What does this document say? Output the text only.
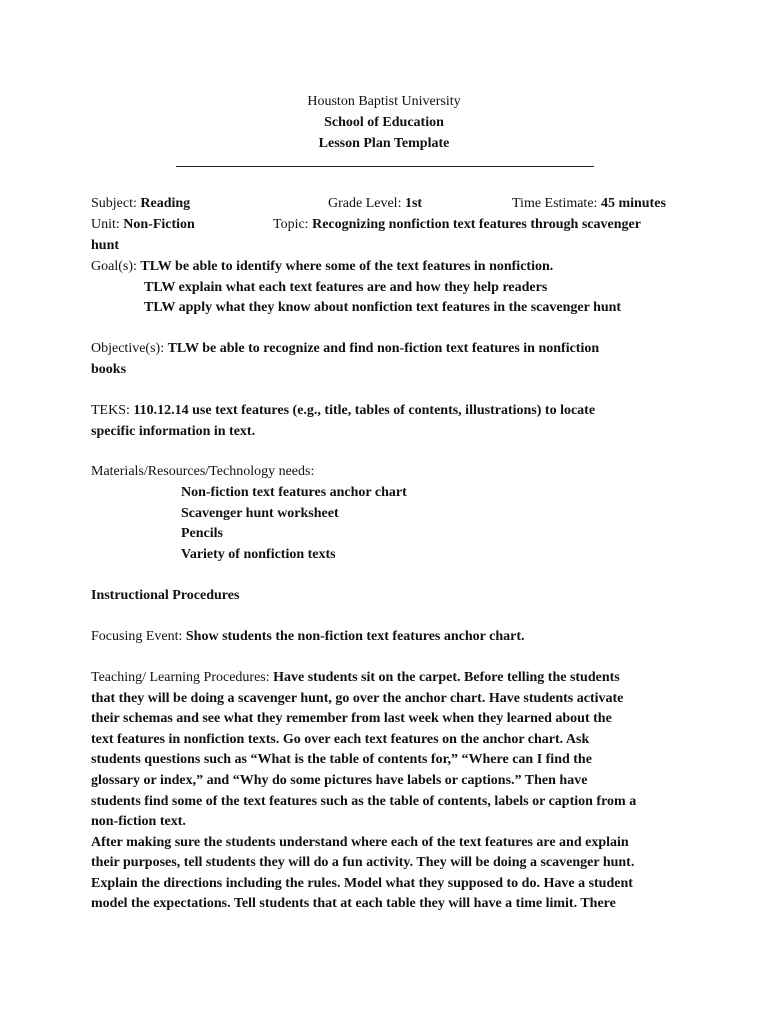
Houston Baptist University
School of Education
Lesson Plan Template
Subject: Reading	Grade Level: 1st	Time Estimate: 45 minutes
Unit: Non-Fiction	Topic: Recognizing nonfiction text features through scavenger
hunt
Goal(s): TLW be able to identify where some of the text features in nonfiction.
TLW explain what each text features are and how they help readers
TLW apply what they know about nonfiction text features in the scavenger hunt
Objective(s): TLW be able to recognize and find non-fiction text features in nonfiction
books
TEKS: 110.12.14 use text features (e.g., title, tables of contents, illustrations) to locate
specific information in text.
Materials/Resources/Technology needs:
Non-fiction text features anchor chart
Scavenger hunt worksheet
Pencils
Variety of nonfiction texts
Instructional Procedures
Focusing Event: Show students the non-fiction text features anchor chart.
Teaching/ Learning Procedures: Have students sit on the carpet. Before telling the students
that they will be doing a scavenger hunt, go over the anchor chart. Have students activate
their schemas and see what they remember from last week when they learned about the
text features in nonfiction texts. Go over each text features on the anchor chart. Ask
students questions such as “What is the table of contents for,” “Where can I find the
glossary or index,” and “Why do some pictures have labels or captions.” Then have
students find some of the text features such as the table of contents, labels or caption from a
non-fiction text.
After making sure the students understand where each of the text features are and explain
their purposes, tell students they will do a fun activity. They will be doing a scavenger hunt.
Explain the directions including the rules. Model what they supposed to do. Have a student
model the expectations. Tell students that at each table they will have a time limit. There
